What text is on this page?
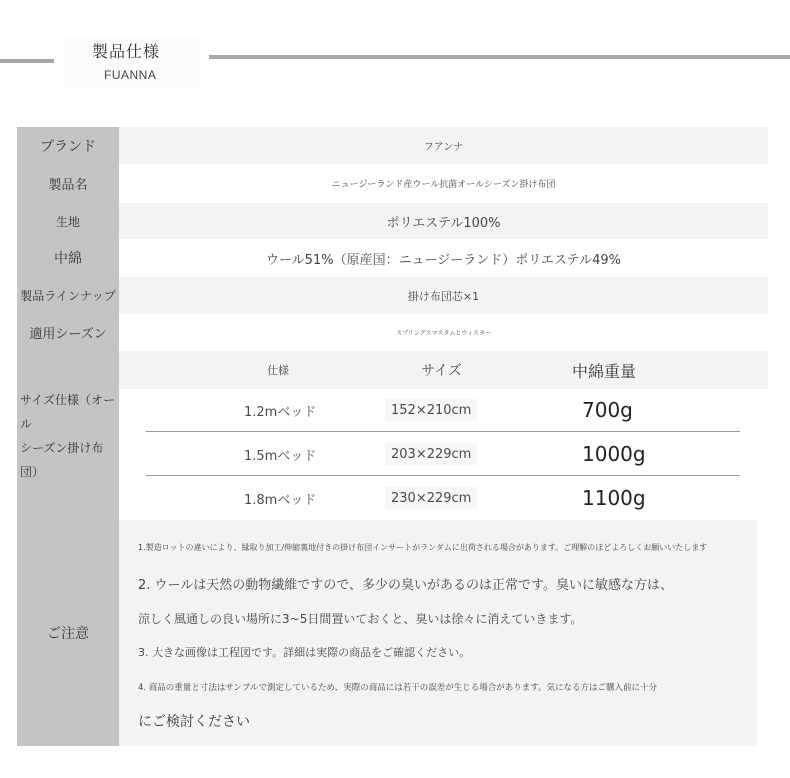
製品仕様
FUANNA
ブランド	フアンナ
製品名	ニュージーランド産ウール抗菌オールシーズン掛け布団
生地	ポリエステル100%
中綿	ウール51%（原産国：ニュージーランド）ポリエステル49%
製品ラインナップ	掛け布団芯×1
適用シーズン	スプリングスマスタムとウィスター
サイズ仕様（オール
シーズン掛け布団）
仕様	サイズ	中綿重量
1.2mベッド	152×210cm	700g
1.5mベッド	203×229cm	1000g
1.8mベッド	230×229cm	1100g
ご注意
1.製造ロットの違いにより、縁取り加工/伸縮裏地付きの掛け布団インサートがランダムに出荷される場合があります。ご理解のほどよろしくお願いいたします
2. ウールは天然の動物繊維ですので、多少の臭いがあるのは正常です。臭いに敏感な方は、
涼しく風通しの良い場所に3~5日間置いておくと、臭いは徐々に消えていきます。
3. 大きな画像は工程図です。詳細は実際の商品をご確認ください。
4. 商品の重量と寸法はサンプルで測定しているため、実際の商品には若干の誤差が生じる場合があります。気になる方はご購入前に十分
にご検討ください
